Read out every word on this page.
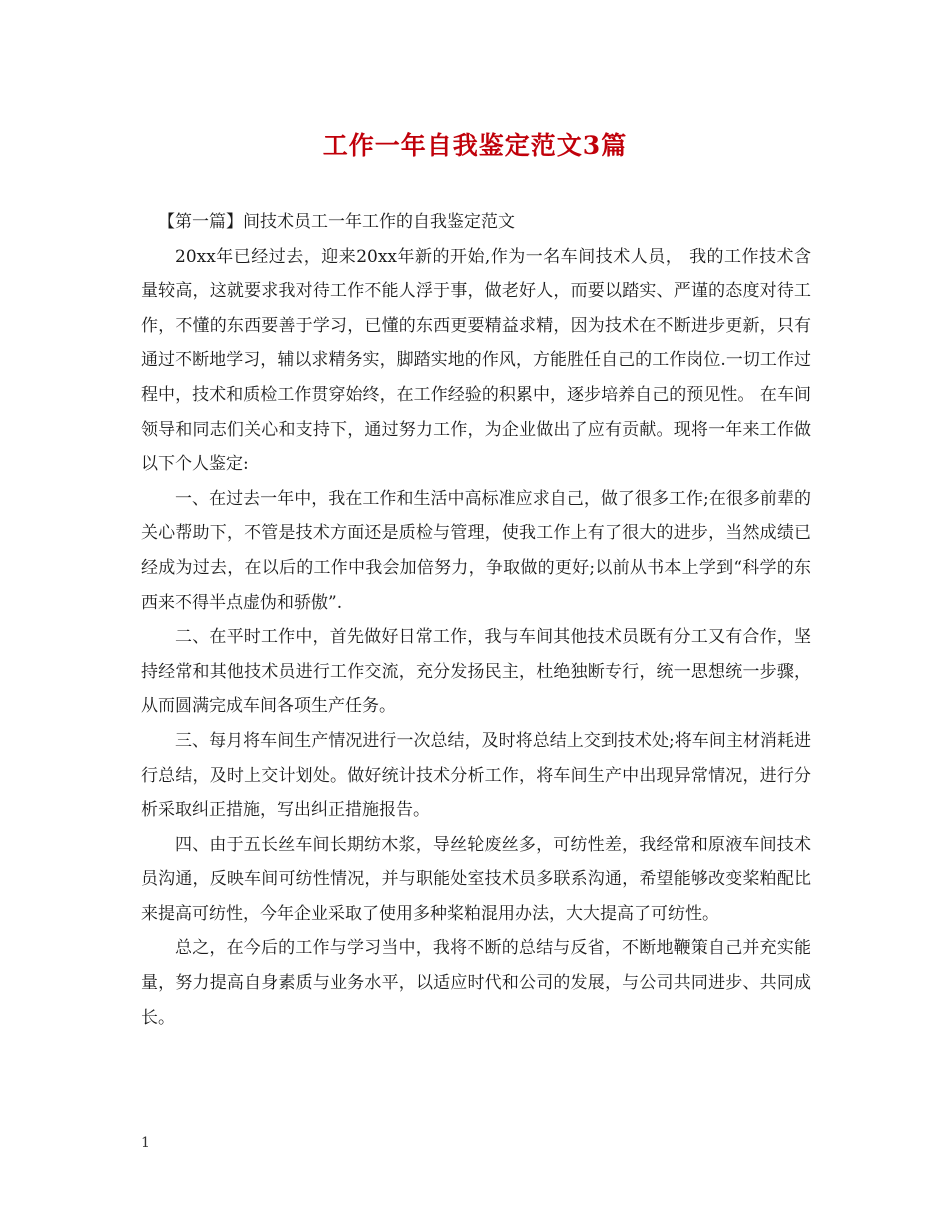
工作一年自我鉴定范文3篇

【第一篇】间技术员工一年工作的自我鉴定范文

20xx年已经过去，迎来20xx年新的开始,作为一名车间技术人员， 我的工作技术含量较高，这就要求我对待工作不能人浮于事，做老好人，而要以踏实、严谨的态度对待工作，不懂的东西要善于学习，已懂的东西更要精益求精，因为技术在不断进步更新，只有通过不断地学习，辅以求精务实，脚踏实地的作风，方能胜任自己的工作岗位.一切工作过程中，技术和质检工作贯穿始终，在工作经验的积累中，逐步培养自己的预见性。 在车间领导和同志们关心和支持下，通过努力工作，为企业做出了应有贡献。现将一年来工作做以下个人鉴定:

一、在过去一年中，我在工作和生活中高标准应求自己，做了很多工作;在很多前辈的关心帮助下，不管是技术方面还是质检与管理，使我工作上有了很大的进步，当然成绩已经成为过去，在以后的工作中我会加倍努力，争取做的更好;以前从书本上学到“科学的东西来不得半点虚伪和骄傲”.

二、在平时工作中，首先做好日常工作，我与车间其他技术员既有分工又有合作，坚持经常和其他技术员进行工作交流，充分发扬民主，杜绝独断专行，统一思想统一步骤，从而圆满完成车间各项生产任务。

三、每月将车间生产情况进行一次总结，及时将总结上交到技术处;将车间主材消耗进行总结，及时上交计划处。做好统计技术分析工作，将车间生产中出现异常情况，进行分析采取纠正措施，写出纠正措施报告。

四、由于五长丝车间长期纺木浆，导丝轮废丝多，可纺性差，我经常和原液车间技术员沟通，反映车间可纺性情况，并与职能处室技术员多联系沟通，希望能够改变桨粕配比来提高可纺性，今年企业采取了使用多种桨粕混用办法，大大提高了可纺性。

总之，在今后的工作与学习当中，我将不断的总结与反省，不断地鞭策自己并充实能量，努力提高自身素质与业务水平，以适应时代和公司的发展，与公司共同进步、共同成长。

1
